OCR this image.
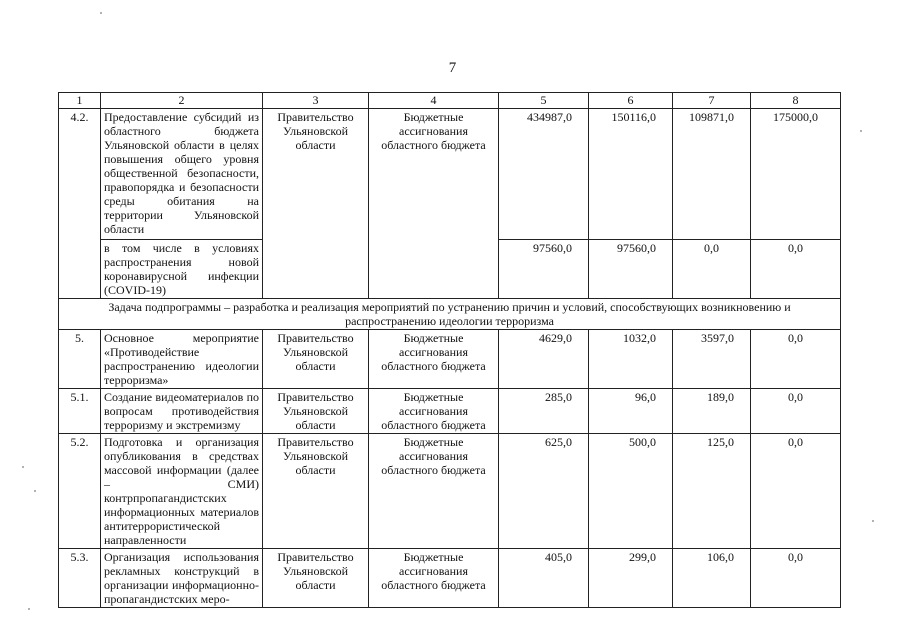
7
1	2	3	4	5	6	7	8
4.2.	Предоставление субсидий из областного бюджета Ульяновской области в целях повышения общего уровня общественной безопасности, правопорядка и безопасности среды обитания на территории Ульяновской области	Правительство Ульяновской области	Бюджетные ассигнования областного бюджета	434987,0	150116,0	109871,0	175000,0
	в том числе в условиях распространения новой коронавирусной инфекции (COVID-19)			97560,0	97560,0	0,0	0,0
Задача подпрограммы – разработка и реализация мероприятий по устранению причин и условий, способствующих возникновению и распространению идеологии терроризма							
5.	Основное мероприятие «Противодействие распространению идеологии терроризма»	Правительство Ульяновской области	Бюджетные ассигнования областного бюджета	4629,0	1032,0	3597,0	0,0
5.1.	Создание видеоматериалов по вопросам противодействия терроризму и экстремизму	Правительство Ульяновской области	Бюджетные ассигнования областного бюджета	285,0	96,0	189,0	0,0
5.2.	Подготовка и организация опубликования в средствах массовой информации (далее – СМИ) контрпропагандистских информационных материалов антитеррористической направленности	Правительство Ульяновской области	Бюджетные ассигнования областного бюджета	625,0	500,0	125,0	0,0
5.3.	Организация использования рекламных конструкций в организации информационно-пропагандистских меро-	Правительство Ульяновской области	Бюджетные ассигнования областного бюджета	405,0	299,0	106,0	0,0
